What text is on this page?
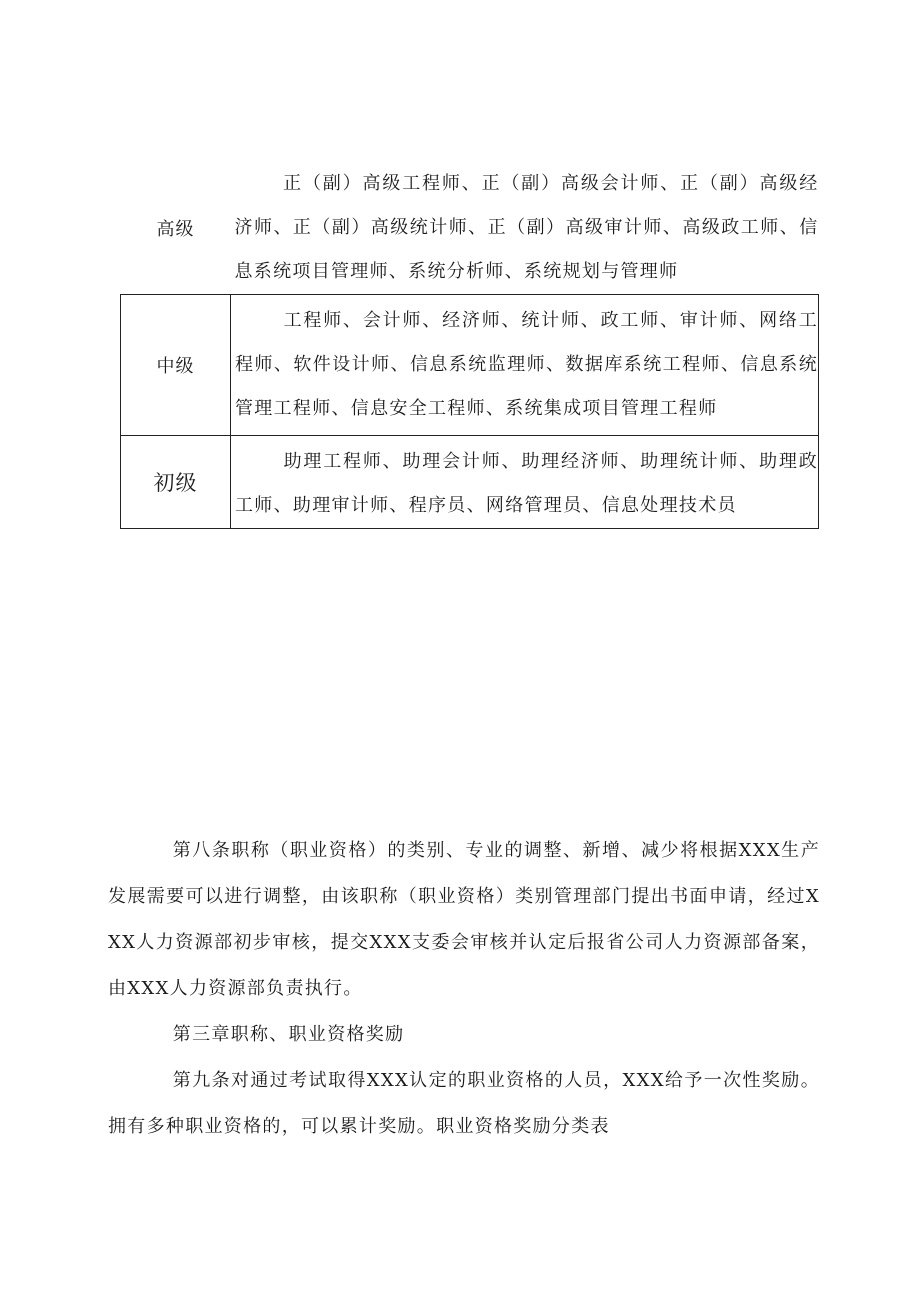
高级	正（副）高级工程师、正（副）高级会计师、正（副）高级经济师、正（副）高级统计师、正（副）高级审计师、高级政工师、信息系统项目管理师、系统分析师、系统规划与管理师
中级	工程师、会计师、经济师、统计师、政工师、审计师、网络工程师、软件设计师、信息系统监理师、数据库系统工程师、信息系统管理工程师、信息安全工程师、系统集成项目管理工程师
初级	助理工程师、助理会计师、助理经济师、助理统计师、助理政工师、助理审计师、程序员、网络管理员、信息处理技术员

第八条职称（职业资格）的类别、专业的调整、新增、减少将根据XXX生产发展需要可以进行调整，由该职称（职业资格）类别管理部门提出书面申请，经过XXX人力资源部初步审核，提交XXX支委会审核并认定后报省公司人力资源部备案，由XXX人力资源部负责执行。

第三章职称、职业资格奖励

第九条对通过考试取得XXX认定的职业资格的人员，XXX给予一次性奖励。拥有多种职业资格的，可以累计奖励。职业资格奖励分类表
